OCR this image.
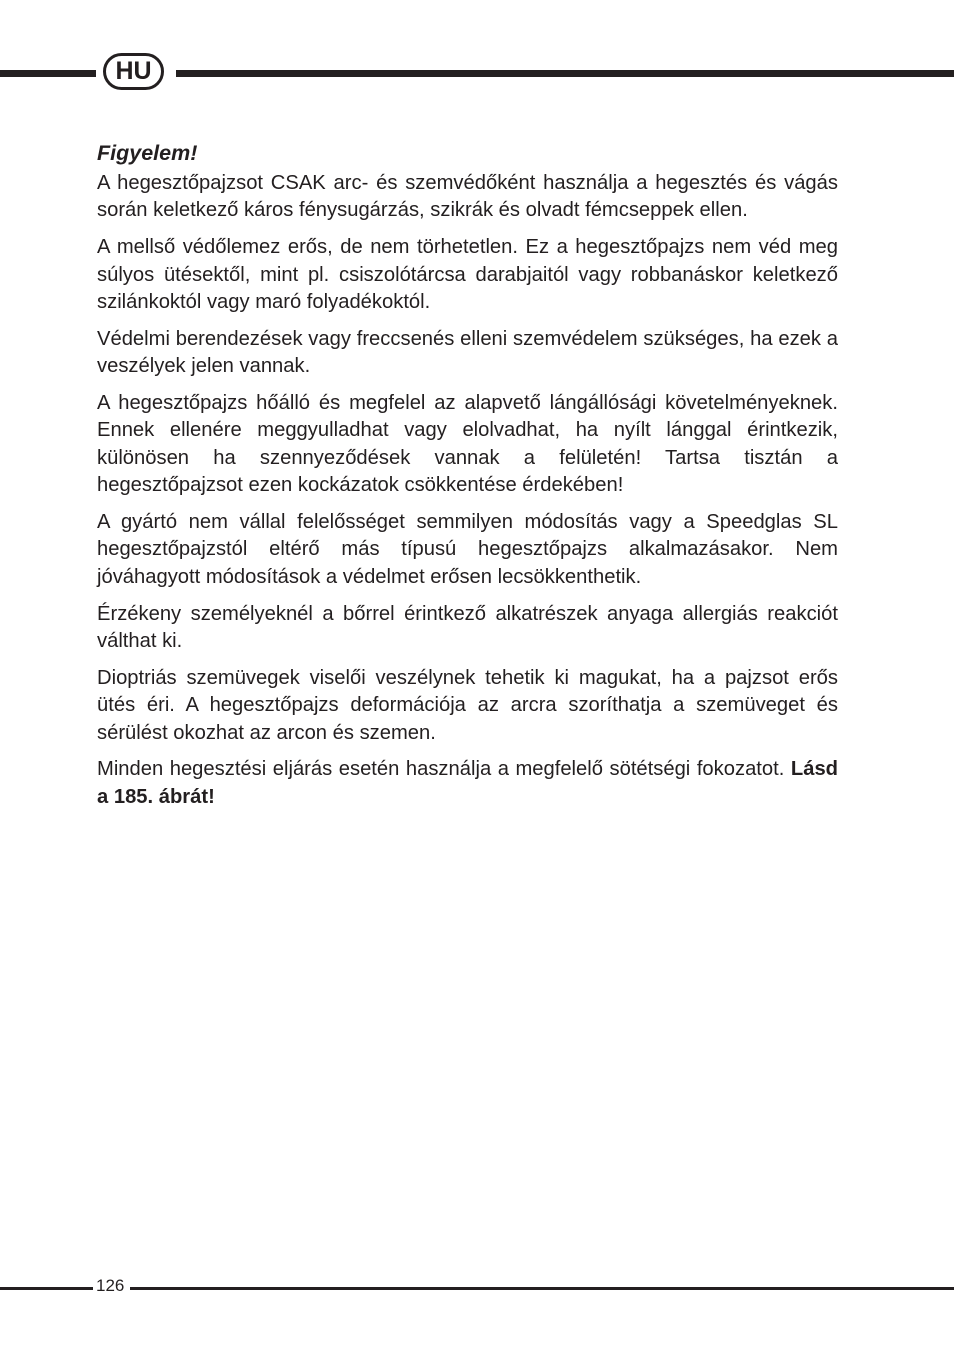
HU
Figyelem!

A hegesztőpajzsot CSAK arc- és szemvédőként használja a hegesztés és vágás során keletkező káros fénysugárzás, szikrák és olvadt fémcseppek ellen.

A mellső védőlemez erős, de nem törhetetlen. Ez a hegesztőpajzs nem véd meg súlyos ütésektől, mint pl. csiszolótárcsa darabjaitól vagy robbanáskor keletkező szilánkoktól vagy maró folyadékoktól.

Védelmi berendezések vagy freccsenés elleni szemvédelem szükséges, ha ezek a veszélyek jelen vannak.

A hegesztőpajzs hőálló és megfelel az alapvető lángállósági követelményeknek. Ennek ellenére meggyulladhat vagy elolvadhat, ha nyílt lánggal érintkezik, különösen ha szennyeződések vannak a felületén! Tartsa tisztán a hegesztőpajzsot ezen kockázatok csökkentése érdekében!

A gyártó nem vállal felelősséget semmilyen módosítás vagy a Speedglas SL hegesztőpajzstól eltérő más típusú hegesztőpajzs alkalmazásakor. Nem jóváhagyott módosítások a védelmet erősen lecsökkenthetik.

Érzékeny személyeknél a bőrrel érintkező alkatrészek anyaga allergiás reakciót válthat ki.

Dioptriás szemüvegek viselői veszélynek tehetik ki magukat, ha a pajzsot erős ütés éri. A hegesztőpajzs deformációja az arcra szoríthatja a szemüveget és sérülést okozhat az arcon és szemen.

Minden hegesztési eljárás esetén használja a megfelelő sötétségi fokozatot. Lásd a 185. ábrát!

126
